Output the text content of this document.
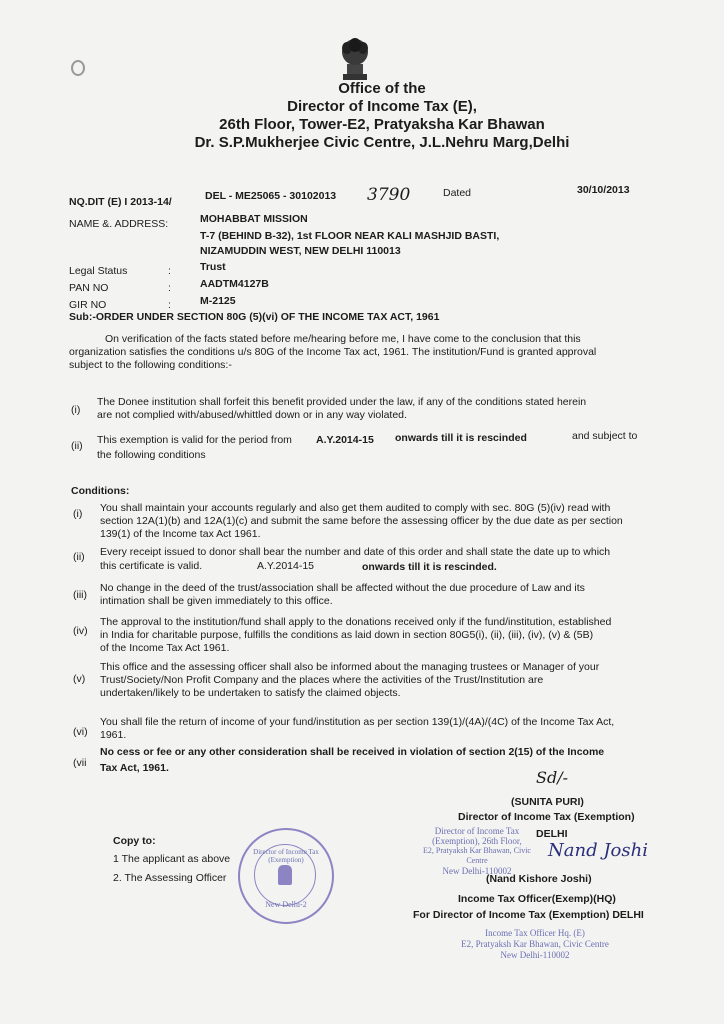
Office of the
Director of Income Tax (E),
26th Floor, Tower-E2, Pratyaksha Kar Bhawan
Dr. S.P.Mukherjee Civic Centre, J.L.Nehru Marg,Delhi
NQ.DIT (E) I 2013-14/	DEL - ME25065 - 30102013 3790	Dated	30/10/2013
NAME &. ADDRESS:	MOHABBAT MISSION
T-7 (BEHIND B-32), 1st FLOOR NEAR KALI MASHJID BASTI,
NIZAMUDDIN WEST, NEW DELHI 110013
Legal Status	:	Trust
PAN NO	:	AADTM4127B
GIR NO	:	M-2125
Sub:-ORDER UNDER SECTION 80G (5)(vi) OF THE INCOME TAX ACT, 1961
On verification of the facts stated before me/hearing before me, I have come to the conclusion that this
organization satisfies the conditions u/s 80G of the Income Tax act, 1961. The institution/Fund is granted approval
subject to the following conditions:-
(i)
The Donee institution shall forfeit this benefit provided under the law, if any of the conditions stated herein
are not complied with/abused/whittled down or in any way violated.
(ii) This exemption is valid for the period from A.Y.2014-15 onwards till it is rescinded	and subject to
the following conditions
Conditions:
(i) You shall maintain your accounts regularly and also get them audited to comply with sec. 80G (5)(iv) read with
section 12A(1)(b) and 12A(1)(c) and submit the same before the assessing officer by the due date as per section
139(1) of the Income tax Act 1961.
(ii) Every receipt issued to donor shall bear the number and date of this order and shall state the date up to which
this certificate is valid.	A.Y.2014-15	onwards till it is rescinded.
(iii)
No change in the deed of the trust/association shall be affected without the due procedure of Law and its
intimation shall be given immediately to this office.
(iv)
The approval to the institution/fund shall apply to the donations received only if the fund/institution, established
in India for charitable purpose, fulfills the conditions as laid down in section 80G5(i), (ii), (iii), (iv), (v) & (5B)
of the Income Tax Act 1961.
(v)
This office and the assessing officer shall also be informed about the managing trustees or Manager of your
Trust/Society/Non Profit Company and the places where the activities of the Trust/Institution are
undertaken/likely to be undertaken to satisfy the claimed objects.
(vi)
You shall file the return of income of your fund/institution as per section 139(1)/(4A)/(4C) of the Income Tax Act,
1961.
(vii
No cess or fee or any other consideration shall be received in violation of section 2(15) of the Income
Tax Act, 1961.	Sd/-
(SUNITA PURI)
Director of Income Tax (Exemption)
DELHI
Director of Income Tax
(Exemption), 26th Floor,
E2, Pratyaksh Kar Bhawan, Civic Centre
New Delhi-110002
Nand Joshi
(Nand Kishore Joshi)
Income Tax Officer(Exemp)(HQ)
For Director of Income Tax (Exemption) DELHI
Income Tax Officer Hq. (E)
E2, Pratyaksh Kar Bhawan, Civic Centre
New Delhi-110002
Director of Income Tax (Exemption)
New Delhi-2
Copy to:
1 The applicant as above
2. The Assessing Officer
